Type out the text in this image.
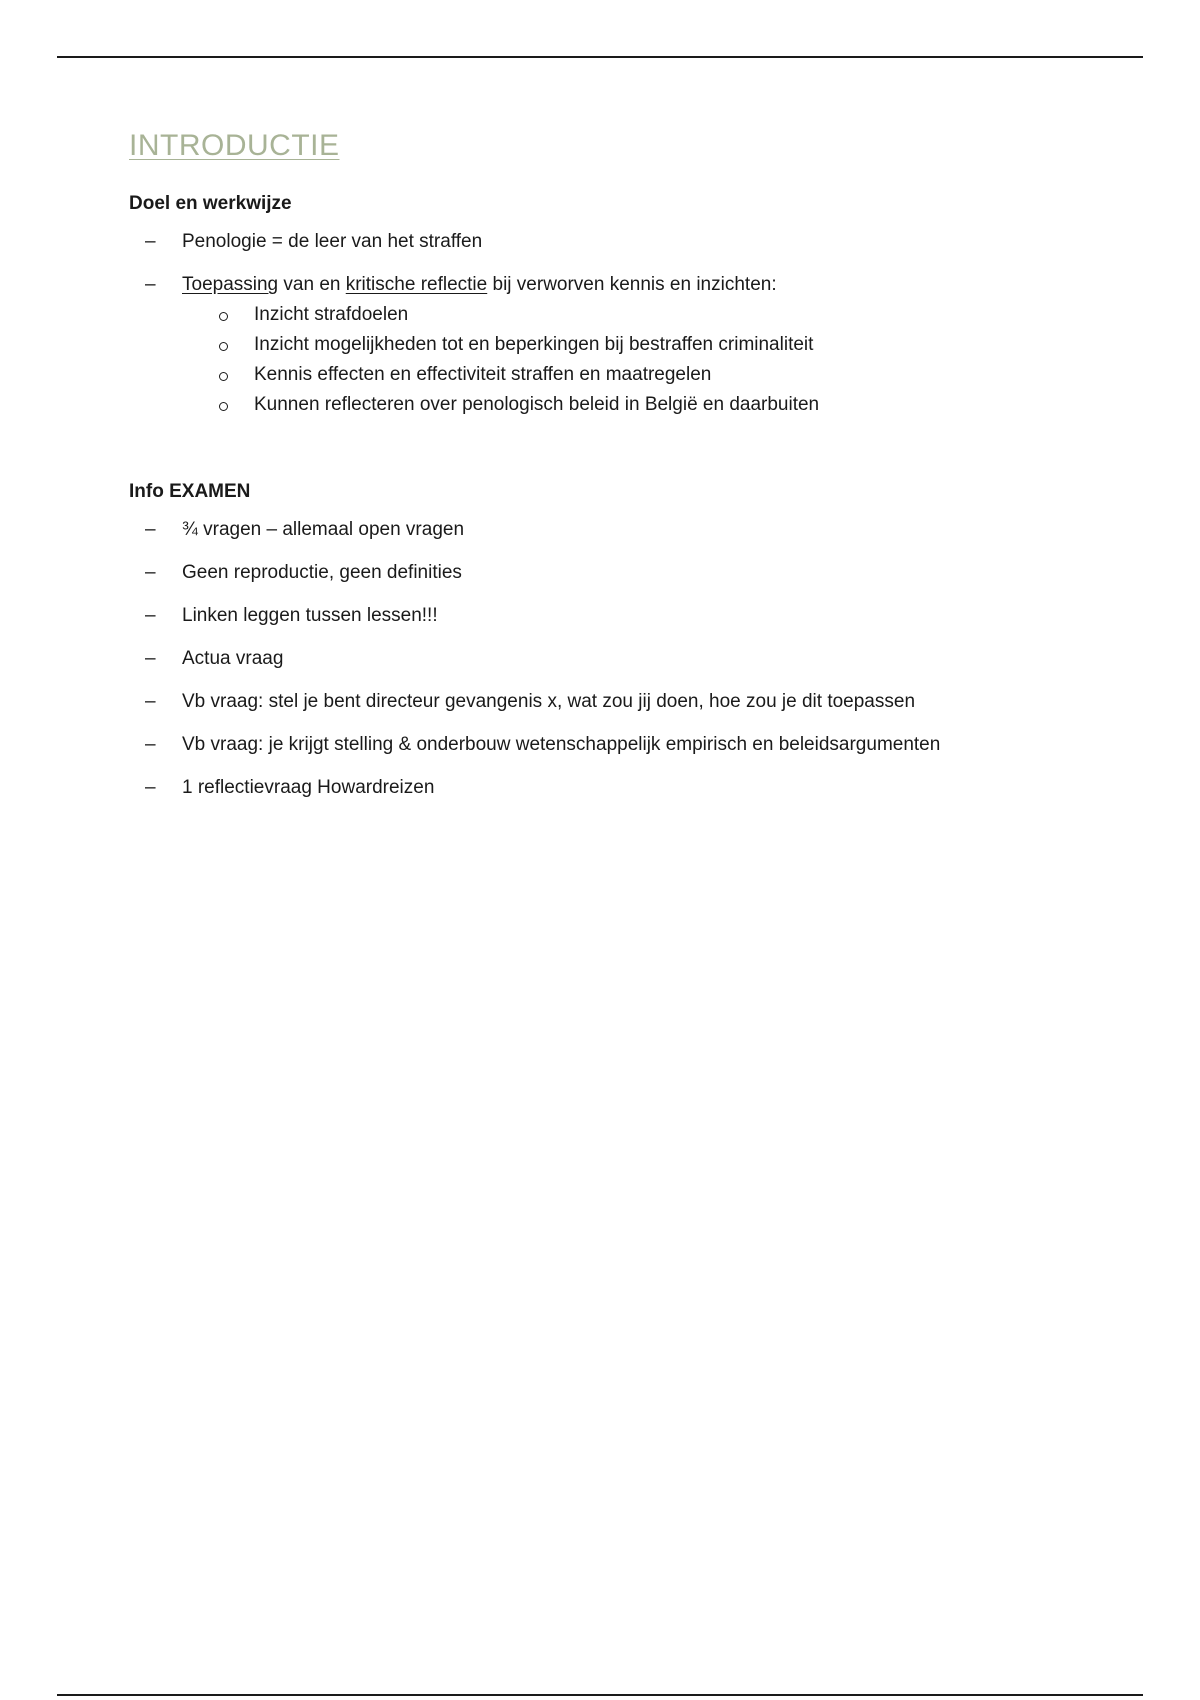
INTRODUCTIE
Doel en werkwijze
– Penologie = de leer van het straffen
– Toepassing van en kritische reflectie bij verworven kennis en inzichten:
Inzicht strafdoelen
Inzicht mogelijkheden tot en beperkingen bij bestraffen criminaliteit
Kennis effecten en effectiviteit straffen en maatregelen
Kunnen reflecteren over penologisch beleid in België en daarbuiten
Info EXAMEN
– ¾ vragen – allemaal open vragen
– Geen reproductie, geen definities
– Linken leggen tussen lessen!!!
– Actua vraag
– Vb vraag: stel je bent directeur gevangenis x, wat zou jij doen, hoe zou je dit toepassen
– Vb vraag: je krijgt stelling & onderbouw wetenschappelijk empirisch en beleidsargumenten
– 1 reflectievraag Howardreizen
